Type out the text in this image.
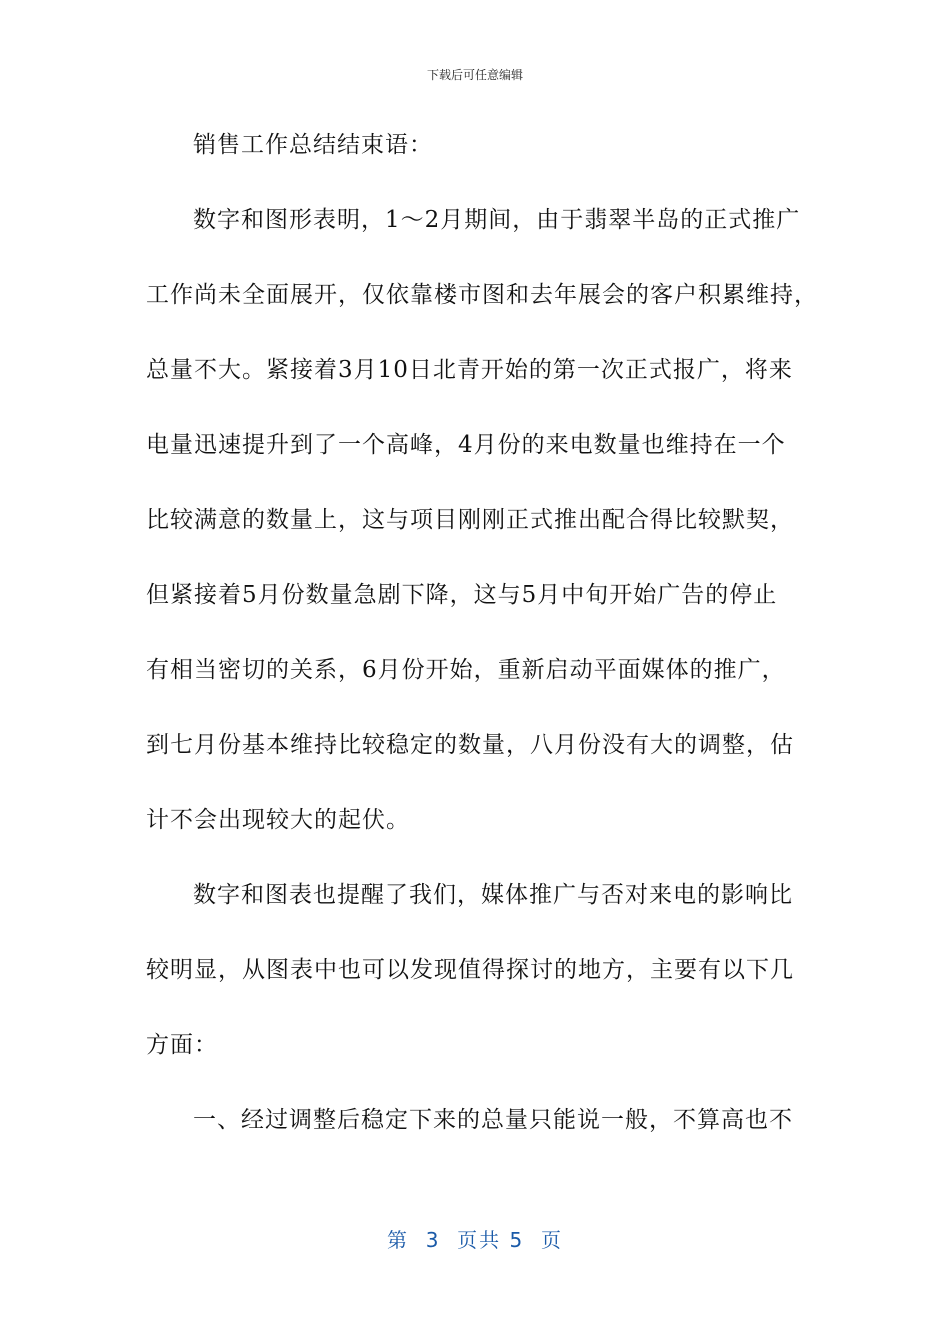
下载后可任意编辑
销售工作总结结束语：
数字和图形表明，1～2月期间，由于翡翠半岛的正式推广
工作尚未全面展开，仅依靠楼市图和去年展会的客户积累维持，
总量不大。紧接着3月10日北青开始的第一次正式报广，将来
电量迅速提升到了一个高峰，4月份的来电数量也维持在一个
比较满意的数量上，这与项目刚刚正式推出配合得比较默契，
但紧接着5月份数量急剧下降，这与5月中旬开始广告的停止
有相当密切的关系，6月份开始，重新启动平面媒体的推广，
到七月份基本维持比较稳定的数量，八月份没有大的调整，估
计不会出现较大的起伏。
数字和图表也提醒了我们，媒体推广与否对来电的影响比
较明显，从图表中也可以发现值得探讨的地方，主要有以下几
方面：
一、经过调整后稳定下来的总量只能说一般，不算高也不
第  3  页共 5  页
